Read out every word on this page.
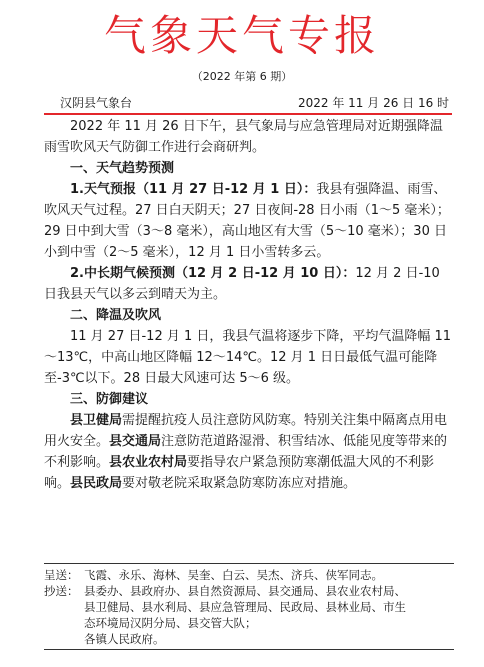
气象天气专报
（2022 年第 6 期）
汉阴县气象台	2022 年 11 月 26 日 16 时

2022 年 11 月 26 日下午，县气象局与应急管理局对近期强降温雨雪吹风天气防御工作进行会商研判。

一、天气趋势预测

1.天气预报（11 月 27 日-12 月 1 日）：我县有强降温、雨雪、吹风天气过程。27 日白天阴天；27 日夜间-28 日小雨（1～5 毫米）；29 日中到大雪（3～8 毫米），高山地区有大雪（5～10 毫米）；30 日小到中雪（2～5 毫米），12 月 1 日小雪转多云。

2.中长期气候预测（12 月 2 日-12 月 10 日）：12 月 2 日-10 日我县天气以多云到晴天为主。

二、降温及吹风

11 月 27 日-12 月 1 日，我县气温将逐步下降，平均气温降幅 11～13℃，中高山地区降幅 12～14℃。12 月 1 日日最低气温可能降至-3℃以下。28 日最大风速可达 5～6 级。

三、防御建议

县卫健局需提醒抗疫人员注意防风防寒。特别关注集中隔离点用电用火安全。县交通局注意防范道路湿滑、积雪结冰、低能见度等带来的不利影响。县农业农村局要指导农户紧急预防寒潮低温大风的不利影响。县民政局要对敬老院采取紧急防寒防冻应对措施。

呈送： 飞霞、永乐、海林、吴奎、白云、吴杰、济兵、侠军同志。
抄送： 县委办、县政府办、县自然资源局、县交通局、县农业农村局、
县卫健局、县水利局、县应急管理局、民政局、县林业局、市生
态环境局汉阴分局、县交管大队；
各镇人民政府。
